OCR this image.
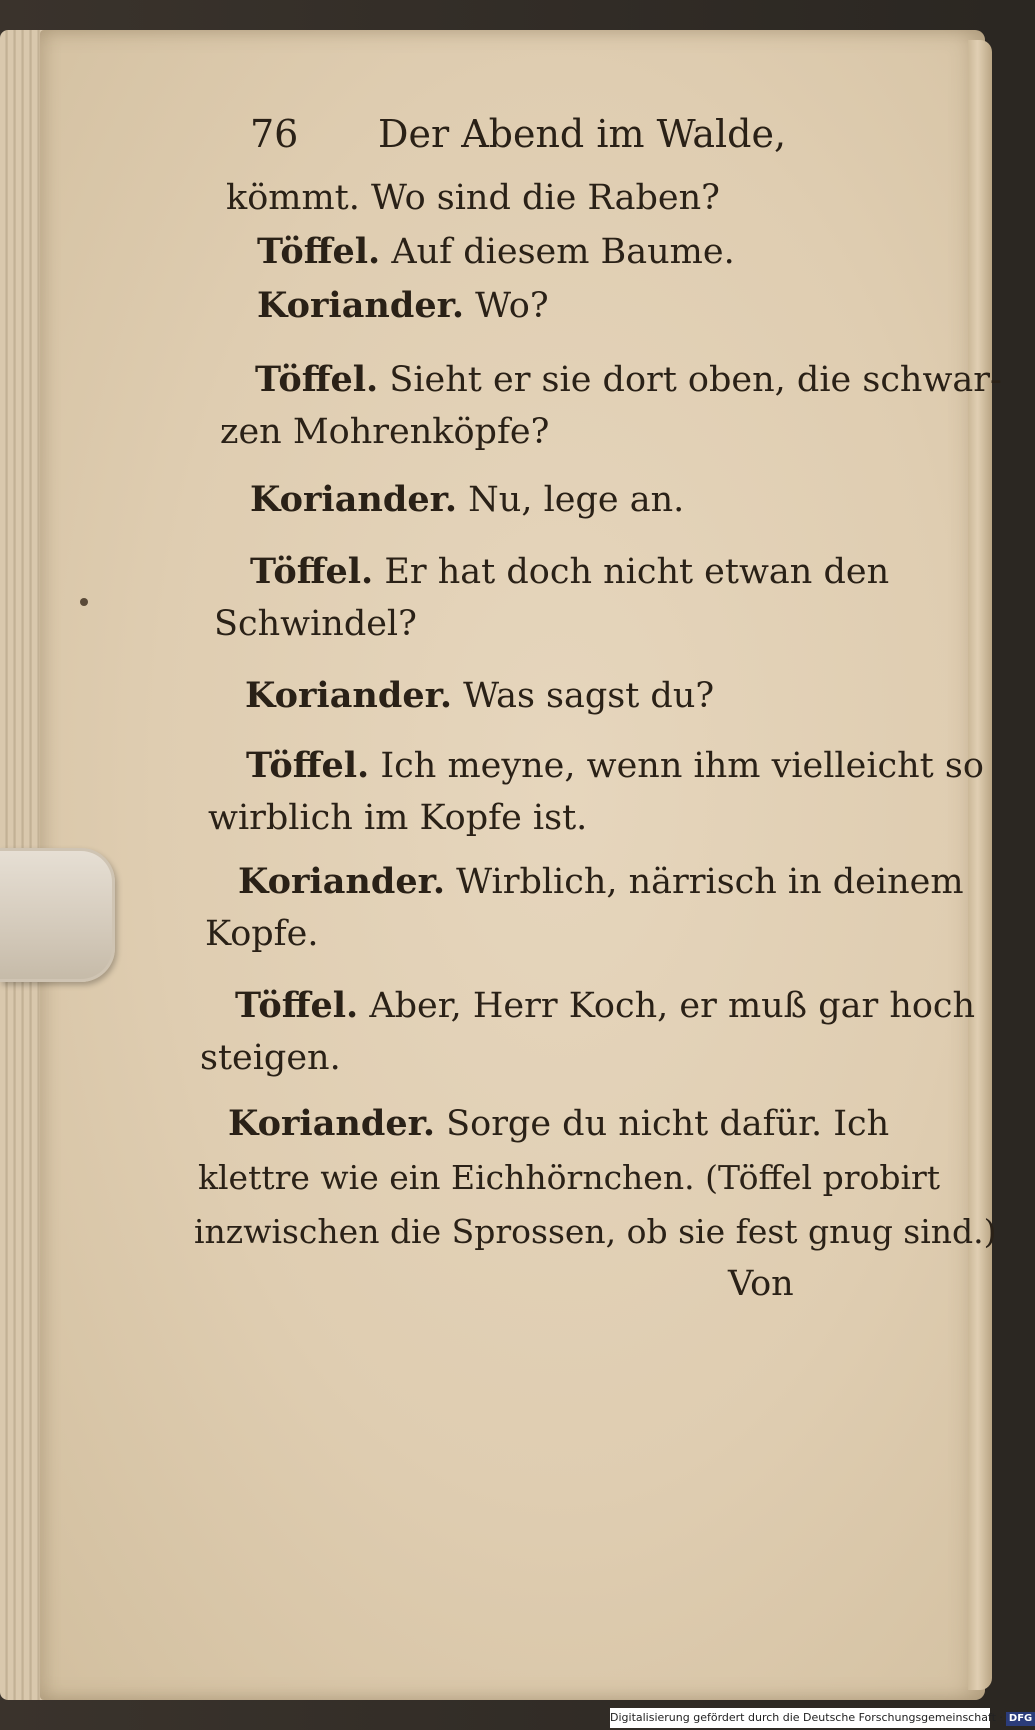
76 Der Abend im Walde,
kömmt. Wo sind die Raben?
Töffel. Auf diesem Baume.
Koriander. Wo?
Töffel. Sieht er sie dort oben, die schwar-
zen Mohrenköpfe?
Koriander. Nu, lege an.
Töffel. Er hat doch nicht etwan den
Schwindel?
Koriander. Was sagst du?
Töffel. Ich meyne, wenn ihm vielleicht so
wirblich im Kopfe ist.
Koriander. Wirblich, närrisch in deinem
Kopfe.
Töffel. Aber, Herr Koch, er muß gar hoch
steigen.
Koriander. Sorge du nicht dafür. Ich
klettre wie ein Eichhörnchen. (Töffel probirt
inzwischen die Sprossen, ob sie fest gnug sind.)
Von
Digitalisierung gefördert durch die Deutsche Forschungsgemeinschaft · DFG
